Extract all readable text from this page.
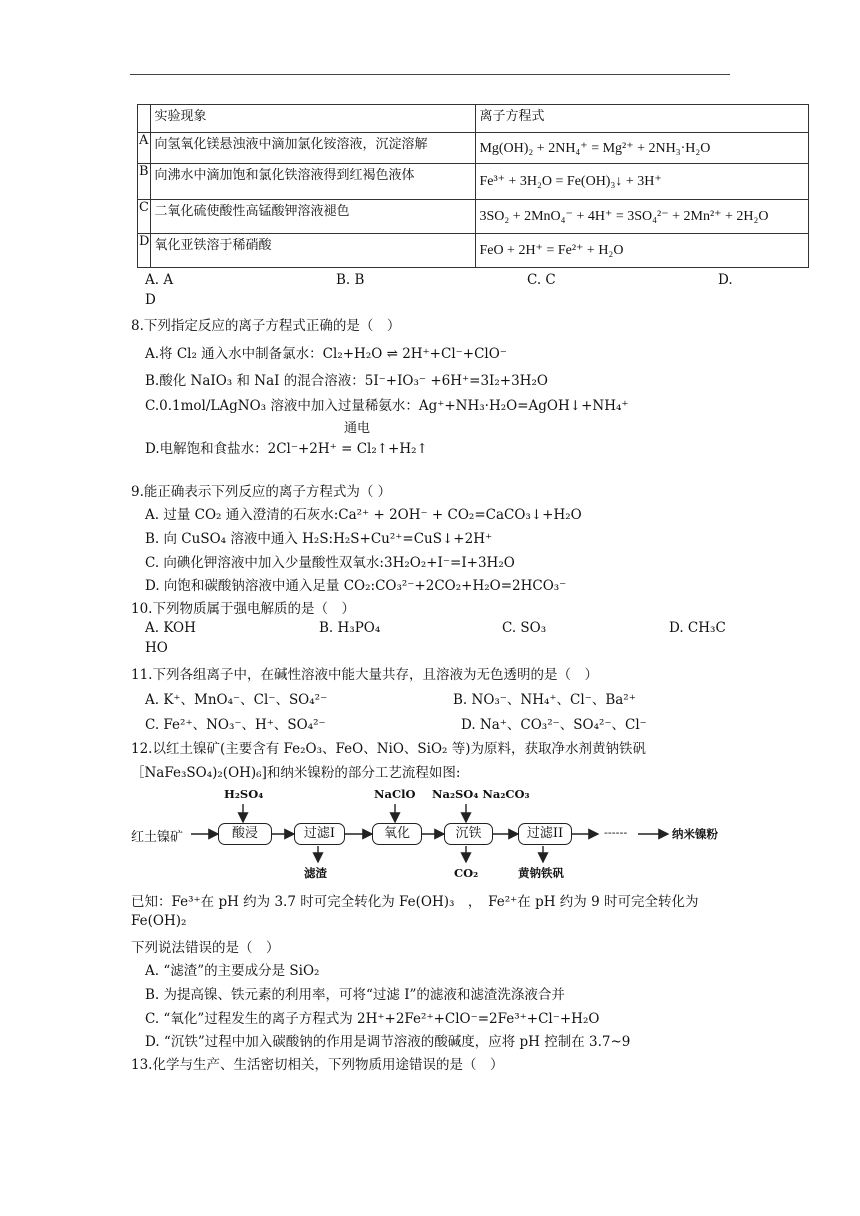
	实验现象	离子方程式
A	向氢氧化镁悬浊液中滴加氯化铵溶液，沉淀溶解	Mg(OH)₂ + 2NH₄⁺ = Mg²⁺ + 2NH₃·H₂O
B	向沸水中滴加饱和氯化铁溶液得到红褐色液体	Fe³⁺ + 3H₂O = Fe(OH)₃↓ + 3H⁺
C	二氧化硫使酸性高锰酸钾溶液褪色	3SO₂ + 2MnO₄⁻ + 4H⁺ = 3SO₄²⁻ + 2Mn²⁺ + 2H₂O
D	氧化亚铁溶于稀硝酸	FeO + 2H⁺ = Fe²⁺ + H₂O
A. A	B. B	C. C	D.
D
8.下列指定反应的离子方程式正确的是（　）
A.将 Cl₂ 通入水中制备氯水：Cl₂+H₂O ⇌ 2H⁺+Cl⁻+ClO⁻
B.酸化 NaIO₃ 和 NaI 的混合溶液：5I⁻+IO₃⁻ +6H⁺=3I₂+3H₂O
C.0.1mol/LAgNO₃ 溶液中加入过量稀氨水：Ag⁺+NH₃·H₂O=AgOH↓+NH₄⁺
通电
D.电解饱和食盐水：2Cl⁻+2H⁺ = Cl₂↑+H₂↑
9.能正确表示下列反应的离子方程式为（ ）
A. 过量 CO₂ 通入澄清的石灰水:Ca²⁺ + 2OH⁻ + CO₂=CaCO₃↓+H₂O
B. 向 CuSO₄ 溶液中通入 H₂S:H₂S+Cu²⁺=CuS↓+2H⁺
C. 向碘化钾溶液中加入少量酸性双氧水:3H₂O₂+I⁻=I+3H₂O
D. 向饱和碳酸钠溶液中通入足量 CO₂:CO₃²⁻+2CO₂+H₂O=2HCO₃⁻
10.下列物质属于强电解质的是（　）
A. KOH	B. H₃PO₄	C. SO₃	D. CH₃C
HO
11.下列各组离子中，在碱性溶液中能大量共存，且溶液为无色透明的是（　）
A. K⁺、MnO₄⁻、Cl⁻、SO₄²⁻	B. NO₃⁻、NH₄⁺、Cl⁻、Ba²⁺
C. Fe²⁺、NO₃⁻、H⁺、SO₄²⁻	D. Na⁺、CO₃²⁻、SO₄²⁻、Cl⁻
12.以红土镍矿(主要含有 Fe₂O₃、FeO、NiO、SiO₂ 等)为原料，获取净水剂黄钠铁矾
［NaFe₃SO₄)₂(OH)₆]和纳米镍粉的部分工艺流程如图:
红土镍矿
H₂SO₄	NaClO Na₂SO₄ Na₂CO₃
酸浸	过滤I	氧化	沉铁	过滤II	------	纳米镍粉
滤渣	CO₂	黄钠铁矾
已知：Fe³⁺在 pH 约为 3.7 时可完全转化为 Fe(OH)₃　，　Fe²⁺在 pH 约为 9 时可完全转化为
Fe(OH)₂
下列说法错误的是（　）
A. “滤渣”的主要成分是 SiO₂
B. 为提高镍、铁元素的利用率，可将“过滤 I”的滤液和滤渣洗涤液合并
C. “氧化”过程发生的离子方程式为 2H⁺+2Fe²⁺+ClO⁻=2Fe³⁺+Cl⁻+H₂O
D. “沉铁”过程中加入碳酸钠的作用是调节溶液的酸碱度，应将 pH 控制在 3.7~9
13.化学与生产、生活密切相关，下列物质用途错误的是（　）
